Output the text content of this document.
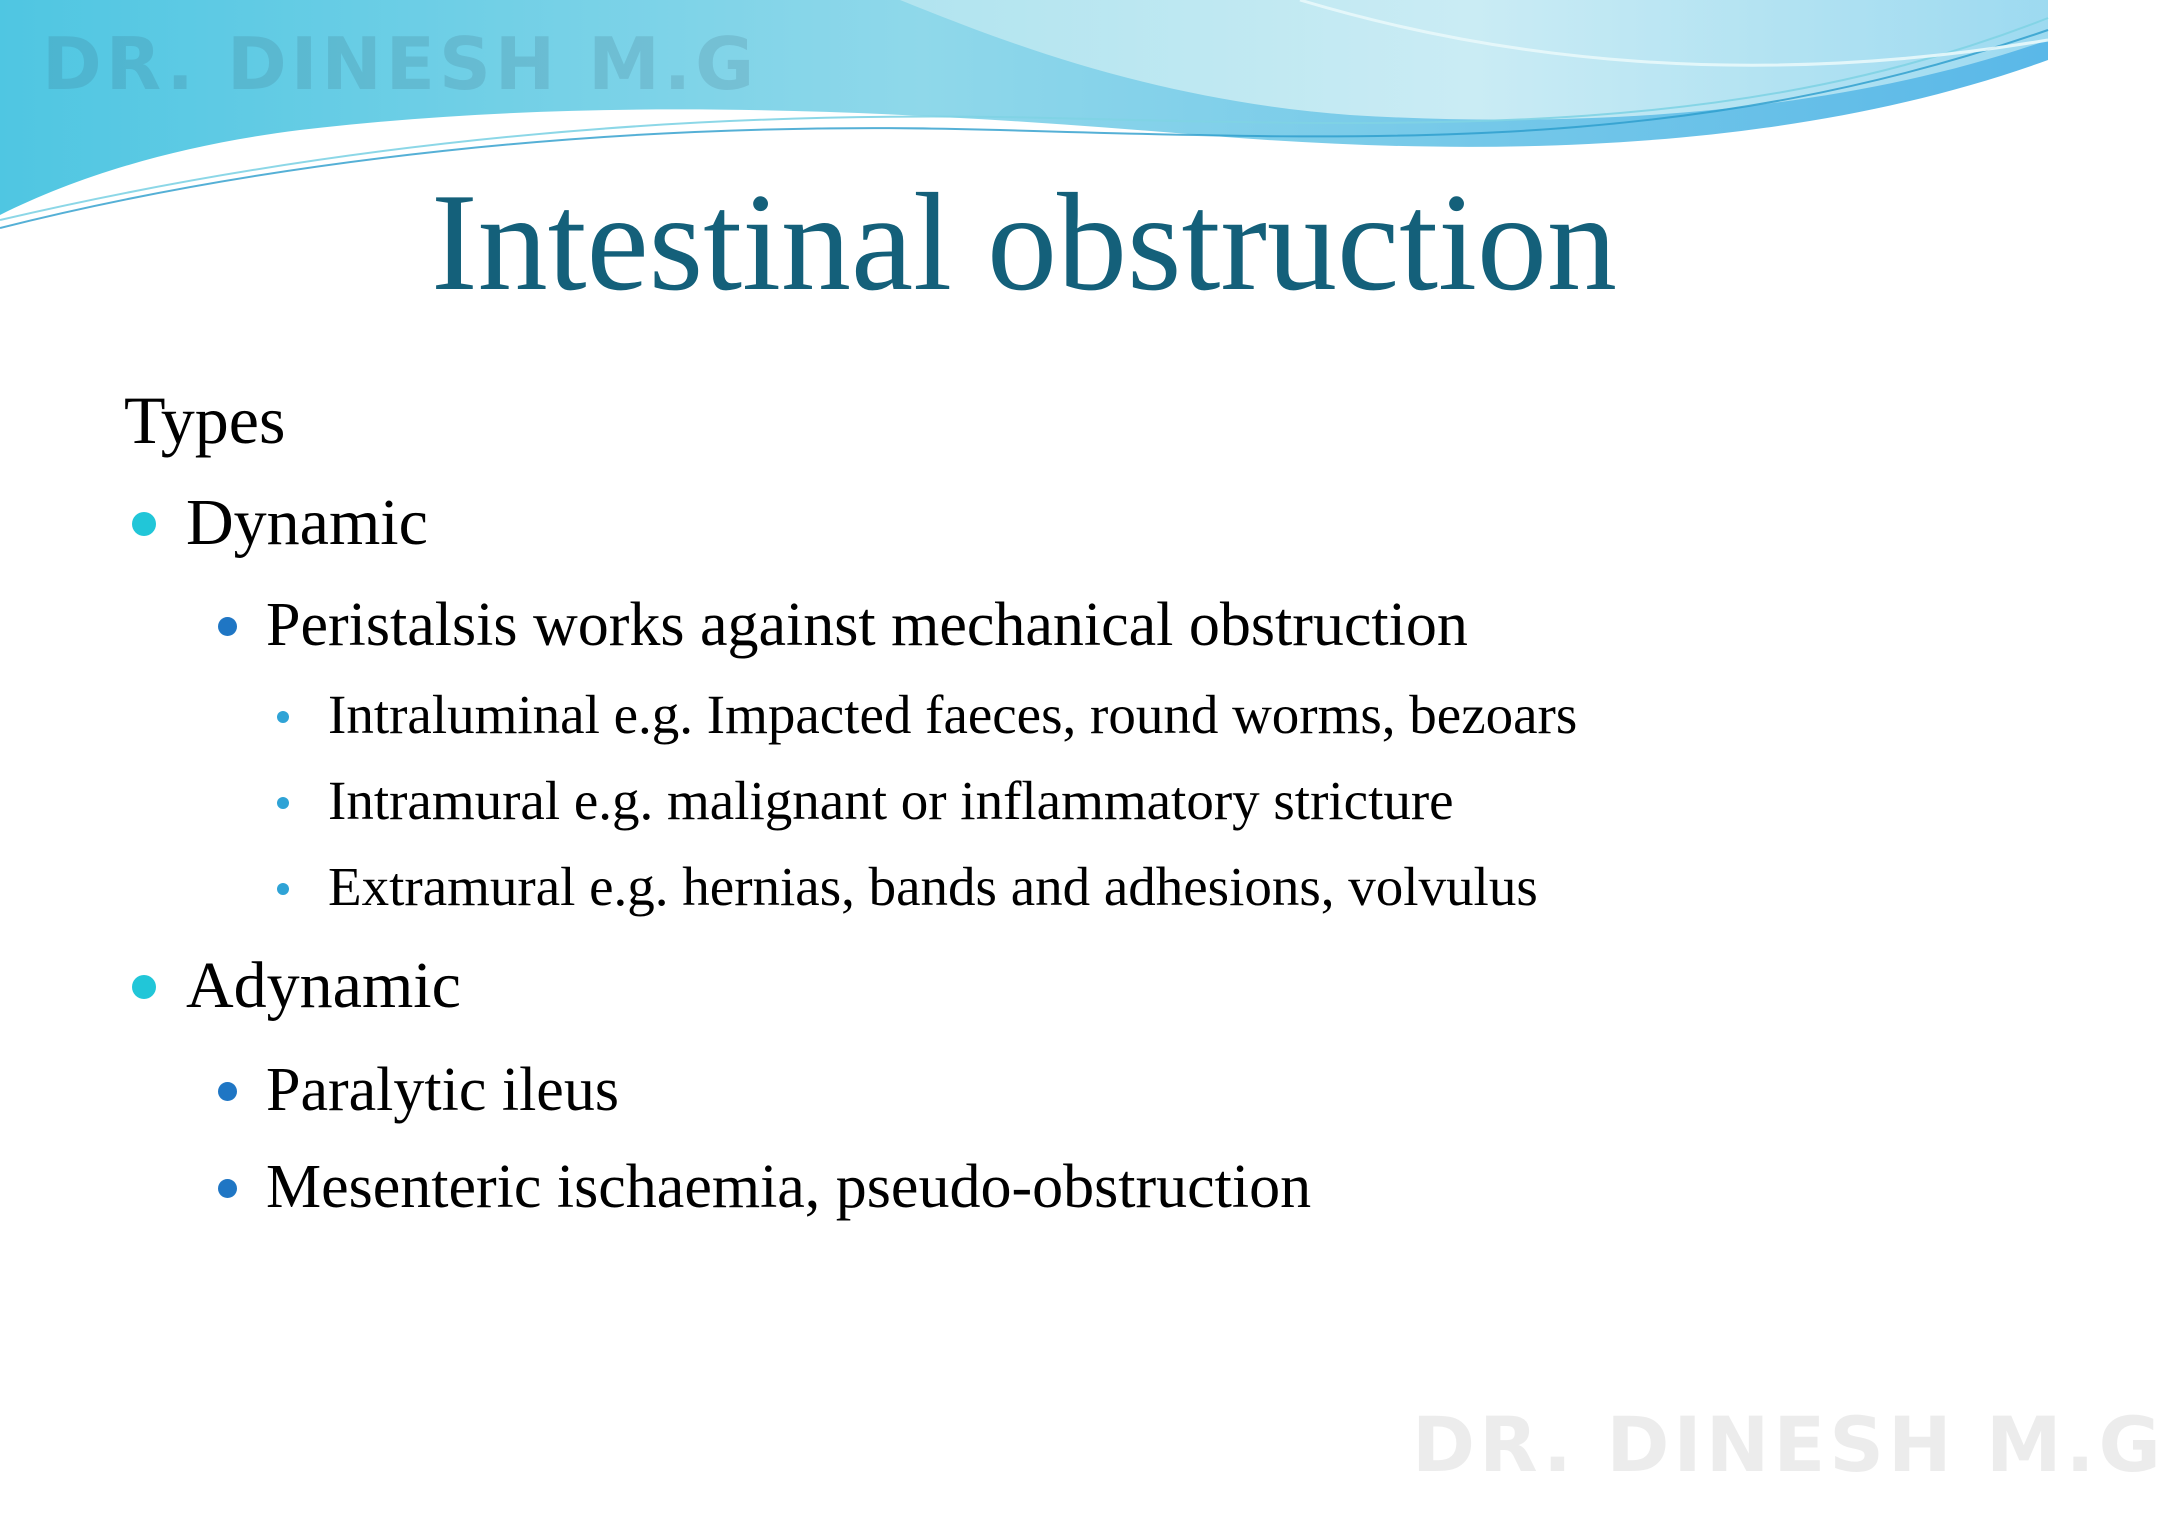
DR. DINESH M.G
Intestinal obstruction
Types
Dynamic
Peristalsis works against mechanical obstruction
Intraluminal e.g. Impacted faeces, round worms, bezoars
Intramural e.g. malignant or inflammatory stricture
Extramural e.g. hernias, bands and adhesions, volvulus
Adynamic
Paralytic ileus
Mesenteric ischaemia, pseudo-obstruction
DR. DINESH M.G
